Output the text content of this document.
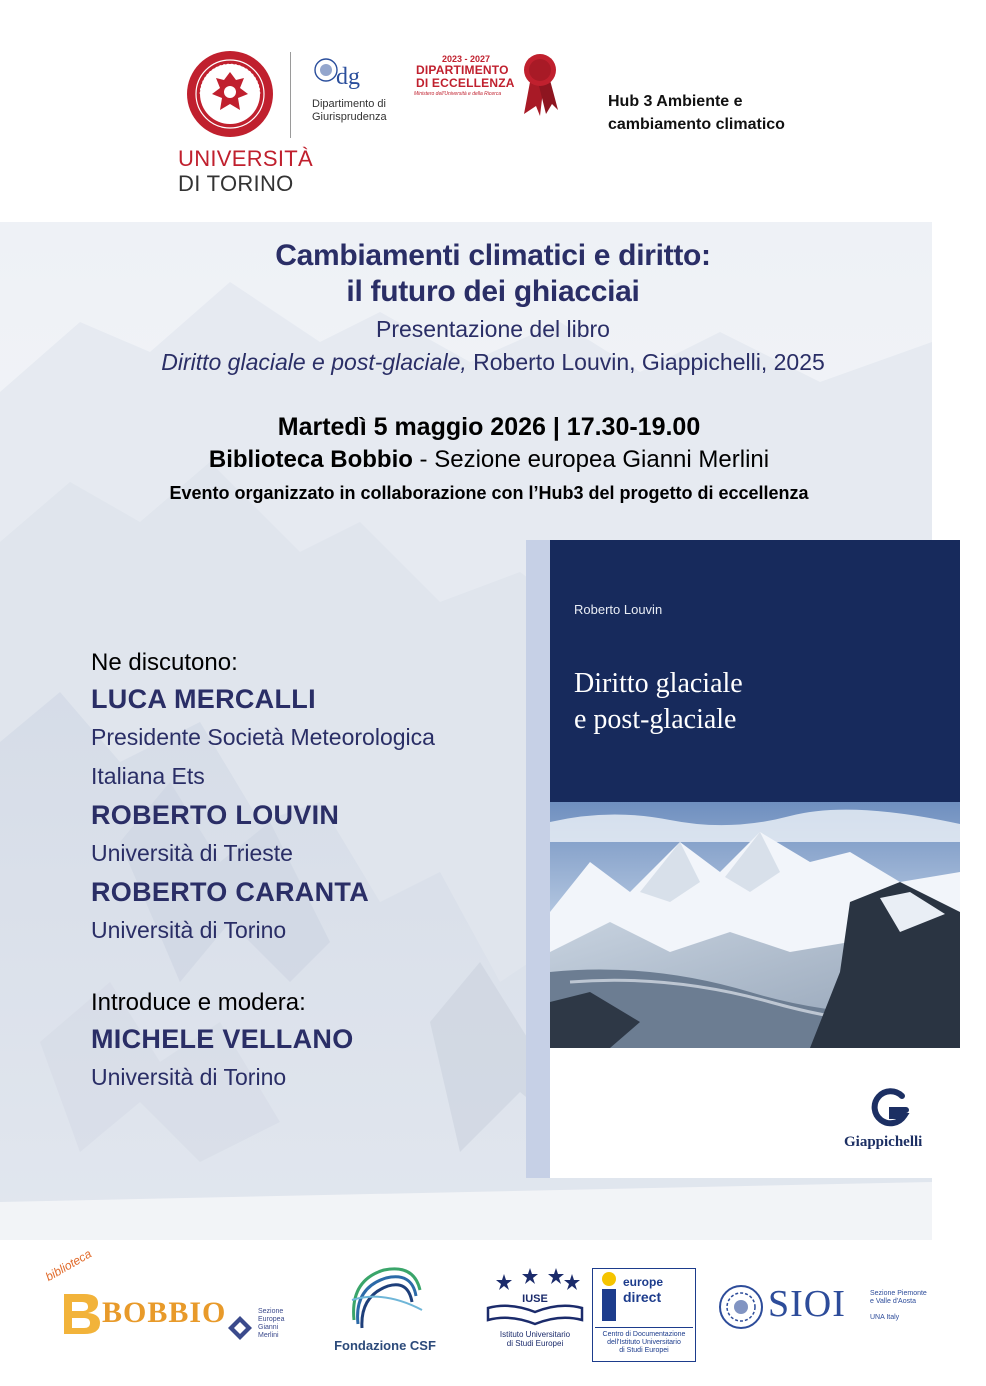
UNIVERSITÀ
DI TORINO
dg
Dipartimento di
Giurisprudenza
2023 - 2027
DIPARTIMENTO
DI ECCELLENZA
Ministero dell'Università e della Ricerca	Hub 3 Ambiente e
cambiamento climatico
Cambiamenti climatici e diritto:
il futuro dei ghiacciai
Presentazione del libro
Diritto glaciale e post-glaciale, Roberto Louvin, Giappichelli, 2025
Martedì 5 maggio 2026 | 17.30-19.00
Biblioteca Bobbio - Sezione europea Gianni Merlini
Evento organizzato in collaborazione con l’Hub3 del progetto di eccellenza
Ne discutono:
LUCA MERCALLI
Presidente Società Meteorologica
Italiana Ets
ROBERTO LOUVIN
Università di Trieste
ROBERTO CARANTA
Università di Torino
Introduce e modera:
MICHELE VELLANO
Università di Torino
Roberto Louvin
Diritto glaciale
e post-glaciale
Giappichelli
biblioteca
BOBBIO	Sezione
Europea
Gianni
Merlini
Fondazione CSF
IUSE
Istituto Universitario
di Studi Europei
europe
direct
Centro di Documentazione
dell'Istituto Universitario
di Studi Europei
SIOI	Sezione Piemonte
e Valle d'Aosta
UNA Italy
